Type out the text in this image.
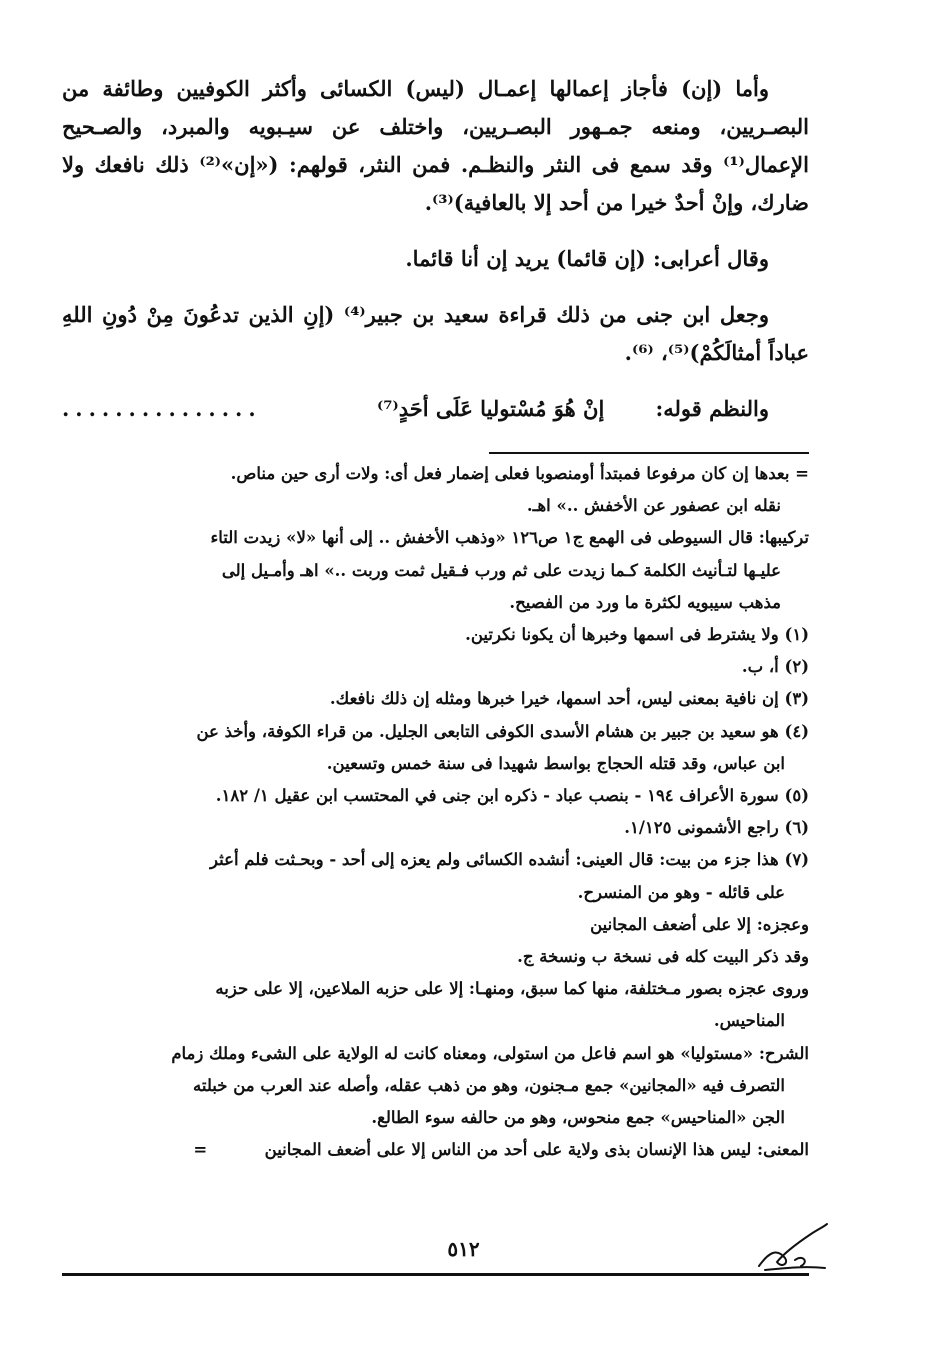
وأما (إن) فأجاز إعمالها إعمـال (ليس) الكسائى وأكثر الكوفيين وطائفة من البصـريين، ومنعه جمـهور البصـريين، واختلف عن سيـبويه والمبرد، والصـحيح الإعمال⁽¹⁾ وقد سمع فى النثر والنظـم. فمن النثر، قولهم: («إن»⁽²⁾ ذلك نافعك ولا ضارك، وإنْ أحدٌ خيرا من أحد إلا بالعافية)⁽³⁾.

وقال أعرابى: (إن قائما) يريد إن أنا قائما.

وجعل ابن جنى من ذلك قراءة سعيد بن جبير⁽⁴⁾ (إنِ الذين تدعُونَ مِنْ دُونِ اللهِ عباداً أمثالَكُمْ)⁽⁵⁾، ⁽⁶⁾.

والنظم قوله:       إنْ هُوَ مُسْتوليا عَلَى أحَدٍ⁽⁷⁾
...............

= بعدها إن كان مرفوعا فمبتدأ أومنصوبا فعلى إضمار فعل أى: ولات أرى حين مناص.

نقله ابن عصفور عن الأخفش ..» اهـ.

تركيبها: قال السيوطى فى الهمع ج١ ص١٢٦ «وذهب الأخفش .. إلى أنها «لا» زيدت التاء

عليـها لتـأنيث الكلمة كـما زيدت على ثم ورب فـقيل ثمت وربت ..» اهـ وأمـيل إلى

مذهب سيبويه لكثرة ما ورد من الفصيح.

(١) ولا يشترط فى اسمها وخبرها أن يكونا نكرتين.

(٢) أ، ب.

(٣) إن نافية بمعنى ليس، أحد اسمها، خيرا خبرها ومثله إن ذلك نافعك.

(٤) هو سعيد بن جبير بن هشام الأسدى الكوفى التابعى الجليل. من قراء الكوفة، وأخذ عن

ابن عباس، وقد قتله الحجاج بواسط شهيدا فى سنة خمس وتسعين.

(٥) سورة الأعراف ١٩٤ - بنصب عباد - ذكره ابن جنى في المحتسب ابن عقيل ١/ ١٨٢.

(٦) راجع الأشمونى ١/١٢٥.

(٧) هذا جزء من بيت: قال العينى: أنشده الكسائى ولم يعزه إلى أحد - وبحـثت فلم أعثر

على قائله - وهو من المنسرح.

وعجزه: إلا على أضعف المجانين

وقد ذكر البيت كله فى نسخة ب ونسخة ج.

وروى عجزه بصور مـختلفة، منها كما سبق، ومنهـا: إلا على حزبه الملاعين، إلا على حزبه

المناحيس.

الشرح: «مستوليا» هو اسم فاعل من استولى، ومعناه كانت له الولاية على الشىء وملك زمام

التصرف فيه «المجانين» جمع مـجنون، وهو من ذهب عقله، وأصله عند العرب من خبلته

الجن «المناحيس» جمع منحوس، وهو من حالفه سوء الطالع.

المعنى: ليس هذا الإنسان بذى ولاية على أحد من الناس إلا على أضعف المجانين          =

٥١٢
